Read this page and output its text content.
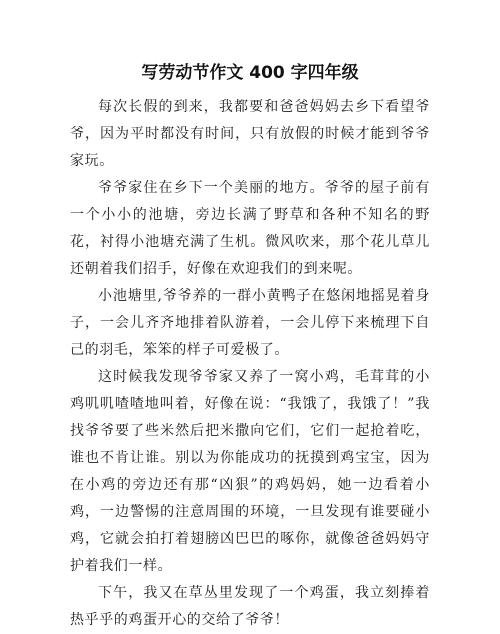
写劳动节作文 400 字四年级

每次长假的到来，我都要和爸爸妈妈去乡下看望爷爷，因为平时都没有时间，只有放假的时候才能到爷爷家玩。

爷爷家住在乡下一个美丽的地方。爷爷的屋子前有一个小小的池塘，旁边长满了野草和各种不知名的野花，衬得小池塘充满了生机。微风吹来，那个花儿草儿还朝着我们招手，好像在欢迎我们的到来呢。

小池塘里,爷爷养的一群小黄鸭子在悠闲地摇晃着身子，一会儿齐齐地排着队游着，一会儿停下来梳理下自己的羽毛，笨笨的样子可爱极了。

这时候我发现爷爷家又养了一窝小鸡，毛茸茸的小鸡叽叽喳喳地叫着，好像在说：“我饿了，我饿了！”我找爷爷要了些米然后把米撒向它们，它们一起抢着吃，谁也不肯让谁。别以为你能成功的抚摸到鸡宝宝，因为在小鸡的旁边还有那“凶狠”的鸡妈妈，她一边看着小鸡，一边警惕的注意周围的环境，一旦发现有谁要碰小鸡，它就会拍打着翅膀凶巴巴的啄你，就像爸爸妈妈守护着我们一样。

下午，我又在草丛里发现了一个鸡蛋，我立刻捧着热乎乎的鸡蛋开心的交给了爷爷！
